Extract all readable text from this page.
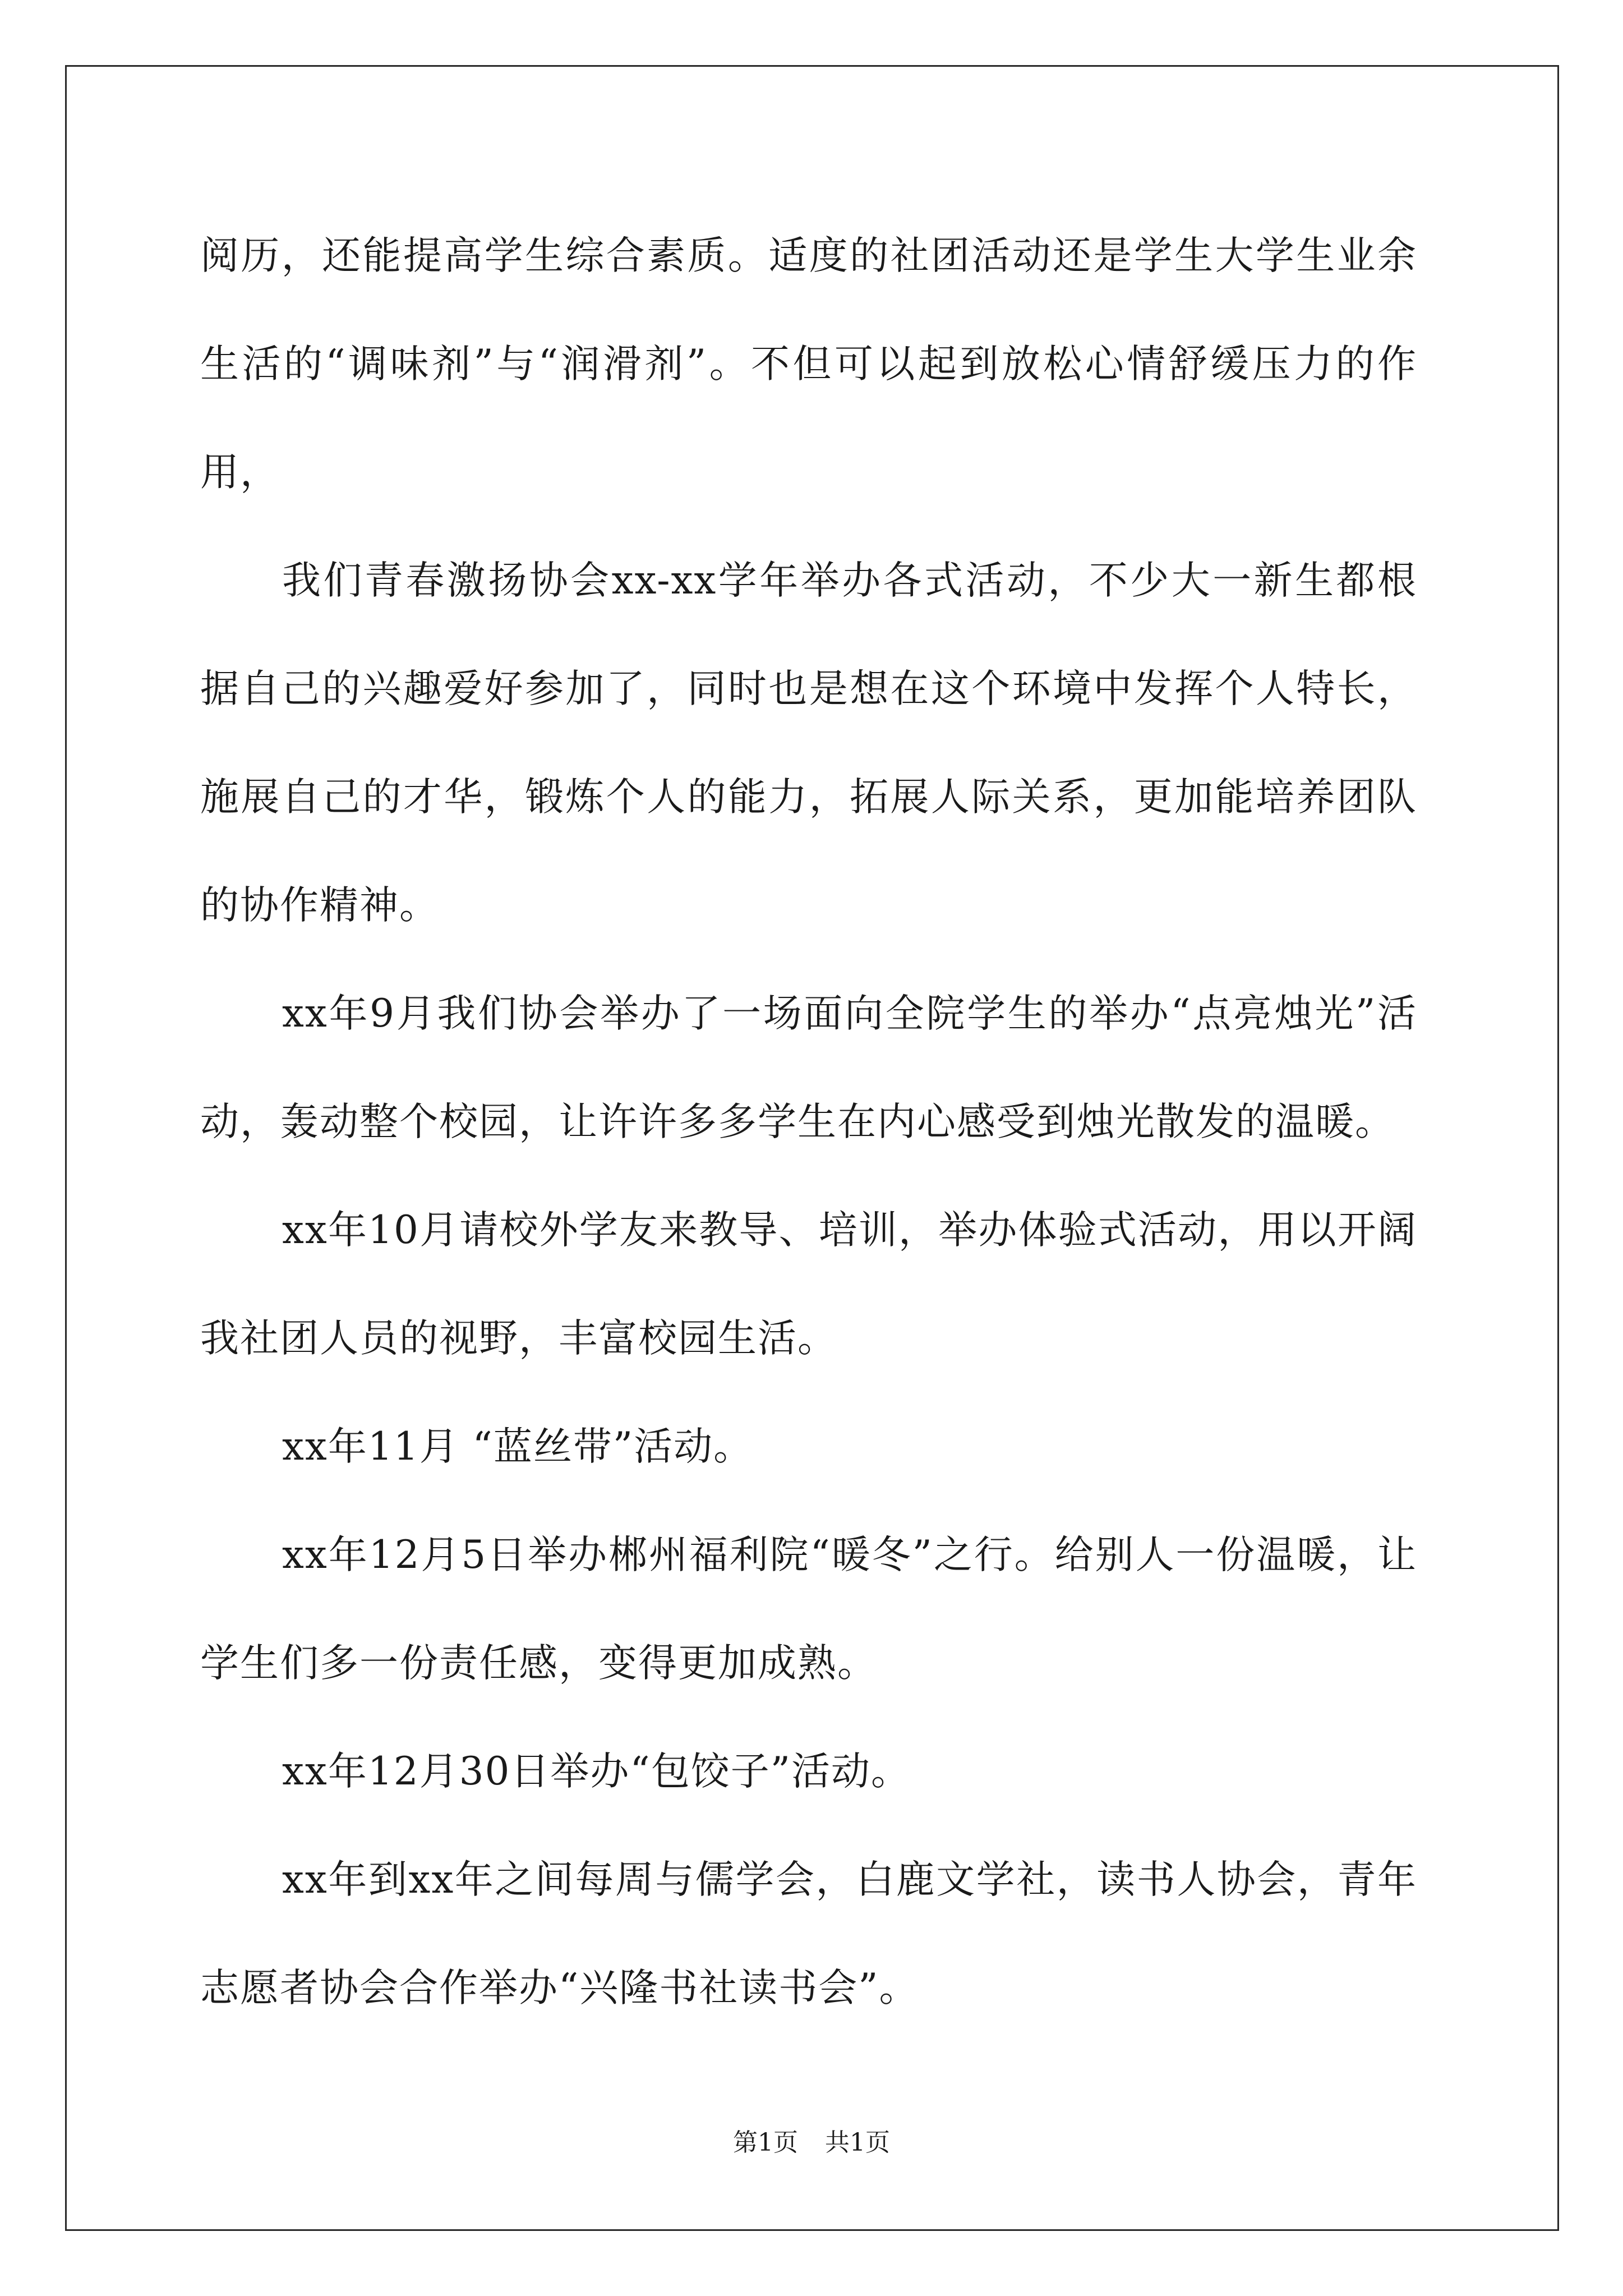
阅历，还能提高学生综合素质。适度的社团活动还是学生大学生业余生活的“调味剂”与“润滑剂”。不但可以起到放松心情舒缓压力的作用，

我们青春激扬协会xx-xx学年举办各式活动，不少大一新生都根据自己的兴趣爱好参加了，同时也是想在这个环境中发挥个人特长，施展自己的才华，锻炼个人的能力，拓展人际关系，更加能培养团队的协作精神。

xx年9月我们协会举办了一场面向全院学生的举办“点亮烛光”活动，轰动整个校园，让许许多多学生在内心感受到烛光散发的温暖。

xx年10月请校外学友来教导、培训，举办体验式活动，用以开阔我社团人员的视野，丰富校园生活。

xx年11月 “蓝丝带”活动。

xx年12月5日举办郴州福利院“暖冬”之行。给别人一份温暖，让学生们多一份责任感，变得更加成熟。

xx年12月30日举办“包饺子”活动。

xx年到xx年之间每周与儒学会，白鹿文学社，读书人协会，青年志愿者协会合作举办“兴隆书社读书会”。

第1页 共1页
